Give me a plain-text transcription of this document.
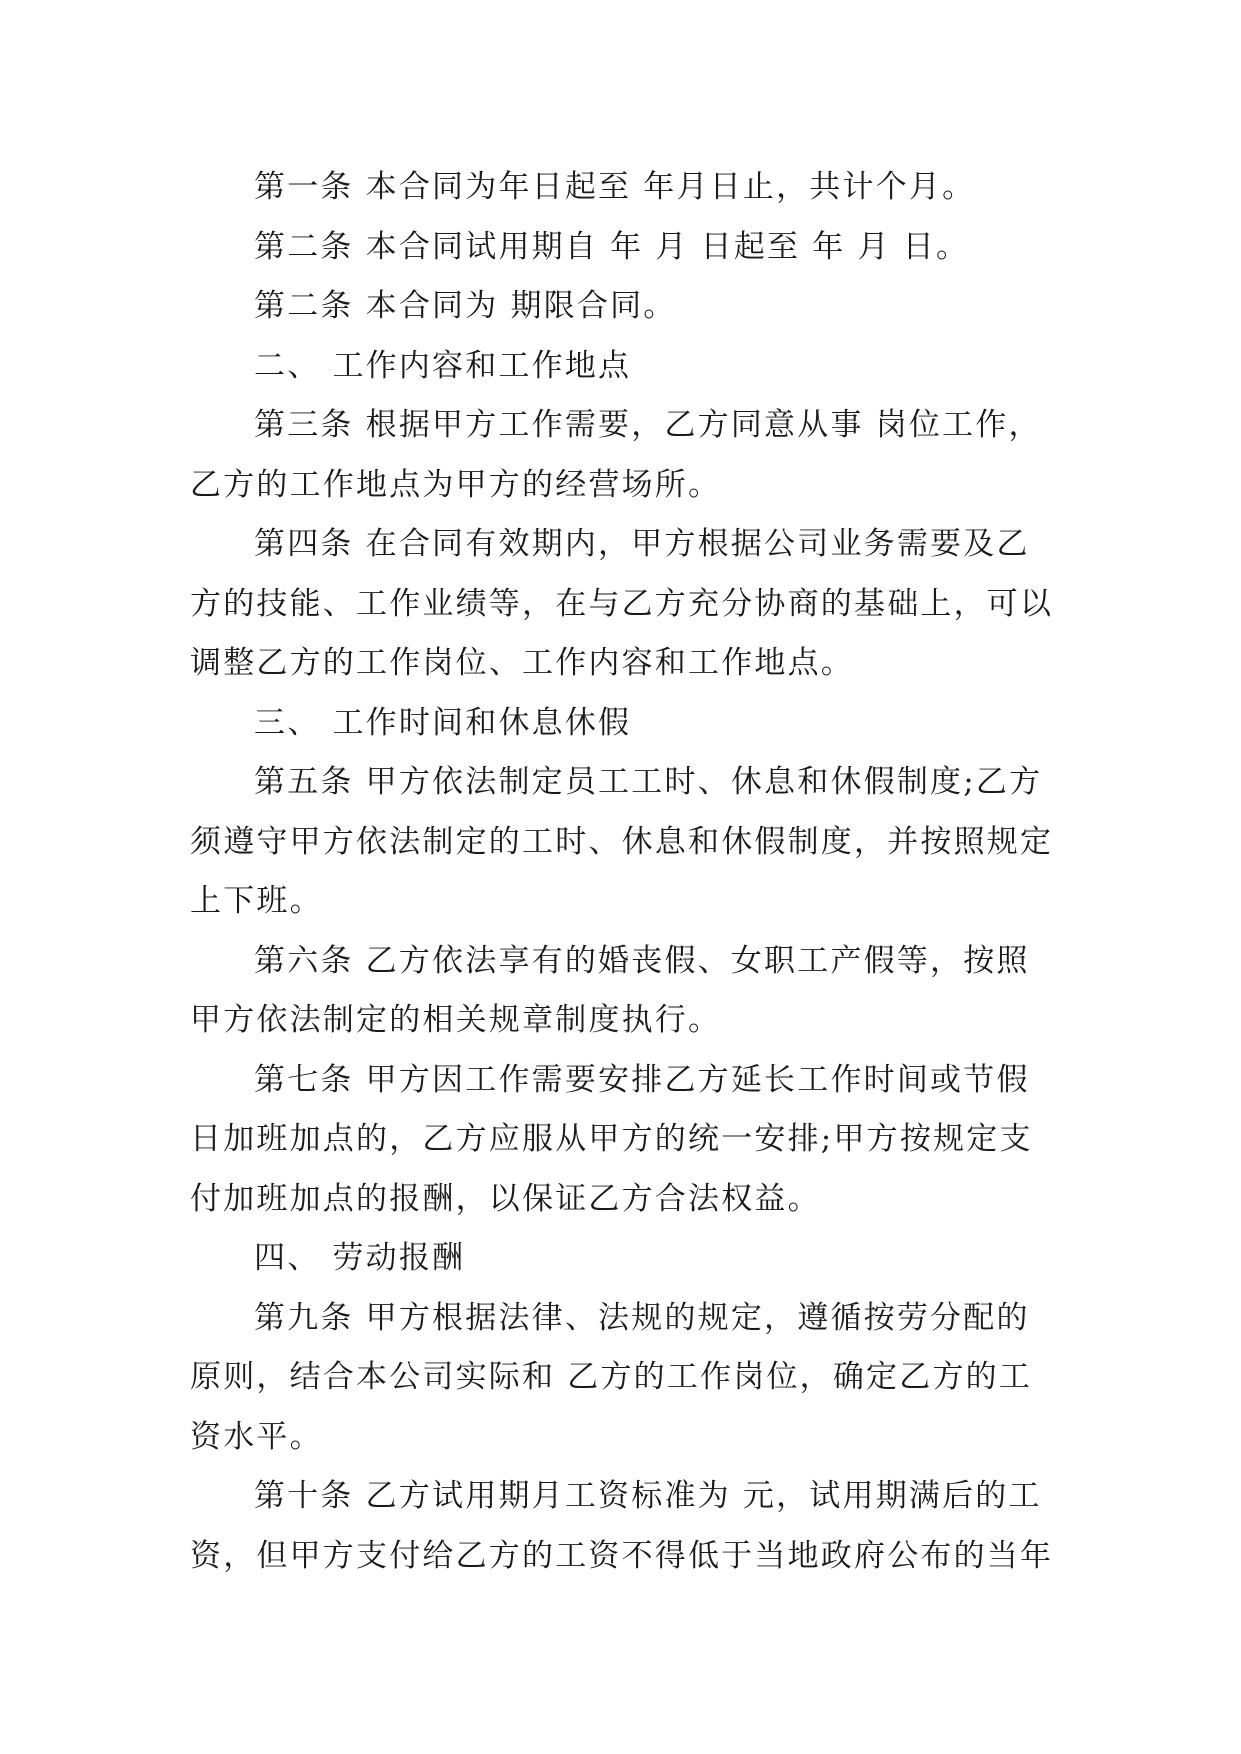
第一条 本合同为年日起至 年月日止，共计个月。

第二条 本合同试用期自 年 月 日起至 年 月 日。

第二条 本合同为 期限合同。

二、 工作内容和工作地点

第三条 根据甲方工作需要，乙方同意从事 岗位工作，
乙方的工作地点为甲方的经营场所。

第四条 在合同有效期内，甲方根据公司业务需要及乙
方的技能、工作业绩等，在与乙方充分协商的基础上，可以
调整乙方的工作岗位、工作内容和工作地点。

三、 工作时间和休息休假

第五条 甲方依法制定员工工时、休息和休假制度;乙方
须遵守甲方依法制定的工时、休息和休假制度，并按照规定
上下班。

第六条 乙方依法享有的婚丧假、女职工产假等，按照
甲方依法制定的相关规章制度执行。

第七条 甲方因工作需要安排乙方延长工作时间或节假
日加班加点的，乙方应服从甲方的统一安排;甲方按规定支
付加班加点的报酬，以保证乙方合法权益。

四、 劳动报酬

第九条 甲方根据法律、法规的规定，遵循按劳分配的
原则，结合本公司实际和 乙方的工作岗位，确定乙方的工
资水平。

第十条 乙方试用期月工资标准为 元，试用期满后的工
资，但甲方支付给乙方的工资不得低于当地政府公布的当年
